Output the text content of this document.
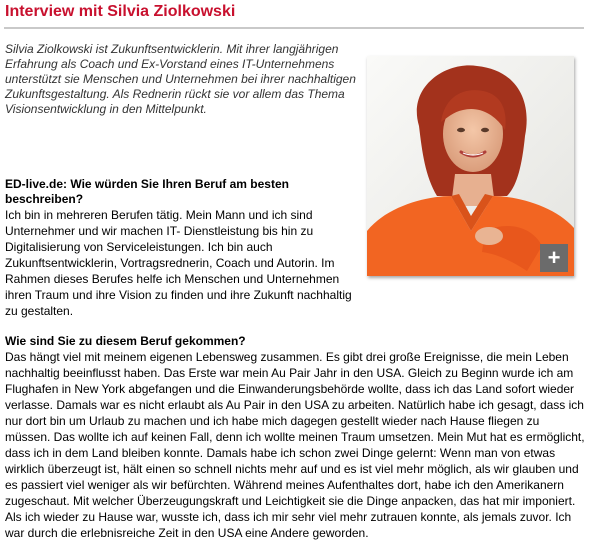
Interview mit Silvia Ziolkowski
Silvia Ziolkowski ist Zukunftsentwicklerin. Mit ihrer langjährigen Erfahrung als Coach und Ex-Vorstand eines IT-Unternehmens unterstützt sie Menschen und Unternehmen bei ihrer nachhaltigen Zukunftsgestaltung. Als Rednerin rückt sie vor allem das Thema Visionsentwicklung in den Mittelpunkt.
+
ED-live.de: Wie würden Sie Ihren Beruf am besten beschreiben?
Ich bin in mehreren Berufen tätig. Mein Mann und ich sind Unternehmer und wir machen IT- Dienstleistung bis hin zu Digitalisierung von Serviceleistungen. Ich bin auch Zukunftsentwicklerin, Vortragsrednerin, Coach und Autorin. Im Rahmen dieses Berufes helfe ich Menschen und Unternehmen ihren Traum und ihre Vision zu finden und ihre Zukunft nachhaltig zu gestalten.
Wie sind Sie zu diesem Beruf gekommen?
Das hängt viel mit meinem eigenen Lebensweg zusammen. Es gibt drei große Ereignisse, die mein Leben nachhaltig beeinflusst haben. Das Erste war mein Au Pair Jahr in den USA. Gleich zu Beginn wurde ich am Flughafen in New York abgefangen und die Einwanderungsbehörde wollte, dass ich das Land sofort wieder verlasse. Damals war es nicht erlaubt als Au Pair in den USA zu arbeiten. Natürlich habe ich gesagt, dass ich nur dort bin um Urlaub zu machen und ich habe mich dagegen gestellt wieder nach Hause fliegen zu müssen. Das wollte ich auf keinen Fall, denn ich wollte meinen Traum umsetzen. Mein Mut hat es ermöglicht, dass ich in dem Land bleiben konnte. Damals habe ich schon zwei Dinge gelernt: Wenn man von etwas wirklich überzeugt ist, hält einen so schnell nichts mehr auf und es ist viel mehr möglich, als wir glauben und es passiert viel weniger als wir befürchten. Während meines Aufenthaltes dort, habe ich den Amerikanern zugeschaut. Mit welcher Überzeugungskraft und Leichtigkeit sie die Dinge anpacken, das hat mir imponiert. Als ich wieder zu Hause war, wusste ich, dass ich mir sehr viel mehr zutrauen konnte, als jemals zuvor. Ich war durch die erlebnisreiche Zeit in den USA eine Andere geworden.
